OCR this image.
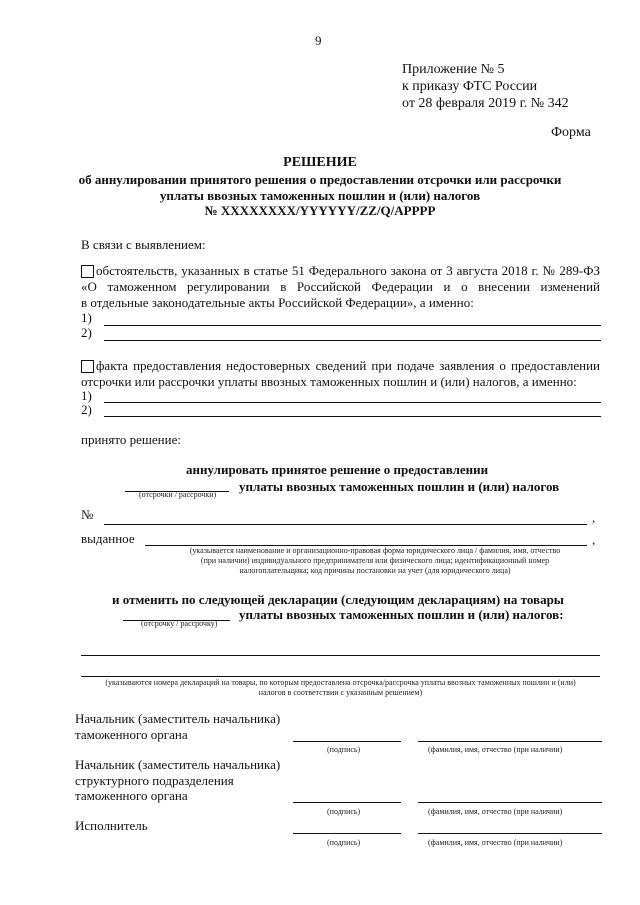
9
Приложение № 5
к приказу ФТС России
от 28 февраля 2019 г. № 342
Форма
РЕШЕНИЕ
об аннулировании принятого решения о предоставлении отсрочки или рассрочки
уплаты ввозных таможенных пошлин и (или) налогов
№ XXXXXXXX/YYYYYY/ZZ/Q/APPPP
В связи с выявлением:
обстоятельств, указанных в статье 51 Федерального закона от 3 августа 2018 г. № 289-ФЗ
«О таможенном регулировании в Российской Федерации и о внесении изменений
в отдельные законодательные акты Российской Федерации», а именно:
1)
2)
факта предоставления недостоверных сведений при подаче заявления о предоставлении
отсрочки или рассрочки уплаты ввозных таможенных пошлин и (или) налогов, а именно:
1)
2)
принято решение:
аннулировать принятое решение о предоставлении
уплаты ввозных таможенных пошлин и (или) налогов
(отсрочки / рассрочки)
№	,
выданное	,
(указывается наименование и организационно-правовая форма юридического лица / фамилия, имя, отчество
(при наличии) индивидуального предпринимателя или физического лица; идентификационный номер
налогоплательщика; код причины постановки на учет (для юридического лица)
и отменить по следующей декларации (следующим декларациям) на товары
уплаты ввозных таможенных пошлин и (или) налогов:
(отсрочку / рассрочку)
(указываются номера деклараций на товары, по которым предоставлена отсрочка/рассрочка уплаты ввозных таможенных пошлин и (или)
налогов в соответствии с указанным решением)
Начальник (заместитель начальника)
таможенного органа
(подпись)	(фамилия, имя, отчество (при наличии)
Начальник (заместитель начальника)
структурного подразделения
таможенного органа
(подпись)	(фамилия, имя, отчество (при наличии)
Исполнитель
(подпись)	(фамилия, имя, отчество (при наличии)
